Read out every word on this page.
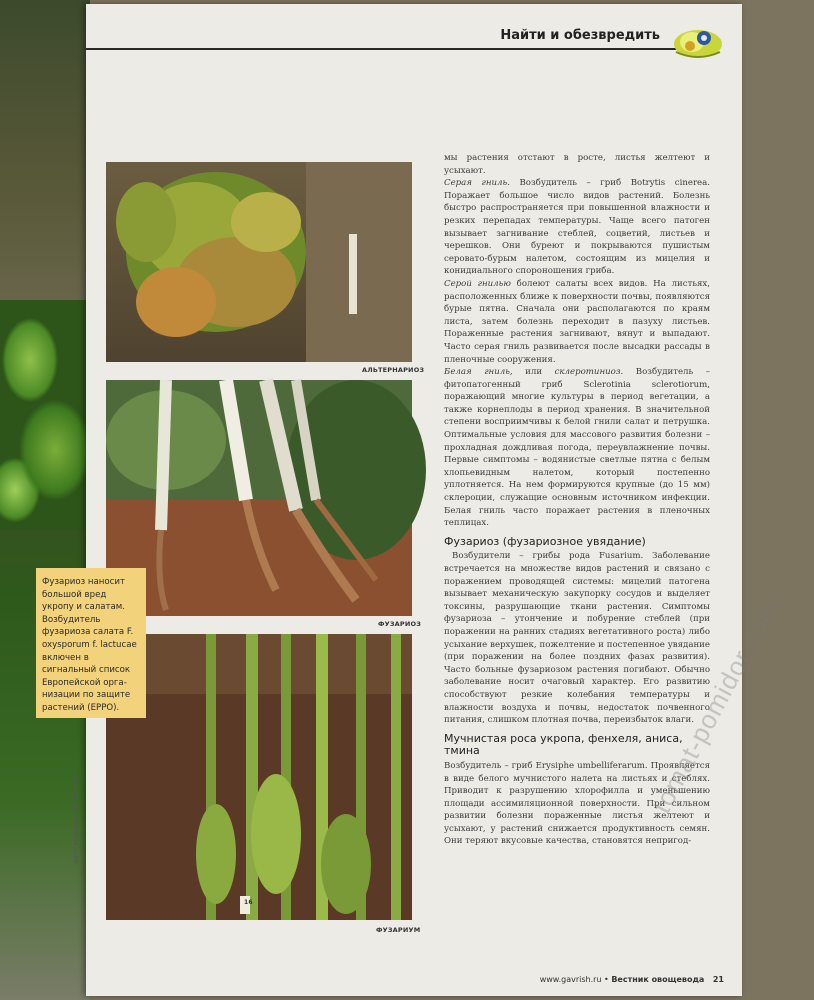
Найти и обезвредить
АЛЬТЕРНАРИОЗ
ФУЗАРИОЗ
16
ФУЗАРИУМ
ФОТО: ВЛАДИМИР ВАДЕРДЕНКОВ
Фузариоз наносит большой вред укропу и салатам. Возбудитель фузариоза салата F. oxysporum f. lactucae включен в сигнальный список Европейской организации по защите растений (EPPO).

мы растения отстают в росте, листья желтеют и усыхают.

Серая гниль. Возбудитель – гриб Botrytis cinerea. Поражает большое число видов растений. Болезнь быстро распространяется при повышенной влажности и резких перепадах температуры. Чаще всего патоген вызывает загнивание стеблей, соцветий, листьев и черешков. Они буреют и покрываются пушистым серовато-бурым налетом, состоящим из мицелия и конидиального спороношения гриба.

Серой гнилью болеют салаты всех видов. На листьях, расположенных ближе к поверхности почвы, появляются бурые пятна. Сначала они располагаются по краям листа, затем болезнь переходит в пазуху листьев. Пораженные растения загнивают, вянут и выпадают. Часто серая гниль развивается после высадки рассады в пленочные сооружения.

Белая гниль, или склеротиниоз. Возбудитель – фитопатогенный гриб Sclerotinia sclerotiorum, поражающий многие культуры в период вегетации, а также корнеплоды в период хранения. В значительной степени восприимчивы к белой гнили салат и петрушка. Оптимальные условия для массового развития болезни – прохладная дождливая погода, переувлажнение почвы. Первые симптомы – водянистые светлые пятна с белым хлопьевидным налетом, который постепенно уплотняется. На нем формируются крупные (до 15 мм) склероции, служащие основным источником инфекции. Белая гниль часто поражает растения в пленочных теплицах.

Фузариоз (фузариозное увядание)

Возбудители – грибы рода Fusarium. Заболевание встречается на множестве видов растений и связано с поражением проводящей системы: мицелий патогена вызывает механическую закупорку сосудов и выделяет токсины, разрушающие ткани растения. Симптомы фузариоза – утончение и побурение стеблей (при поражении на ранних стадиях вегетативного роста) либо усыхание верхушек, пожелтение и постепенное увядание (при поражении на более поздних фазах развития). Часто больные фузариозом растения погибают. Обычно заболевание носит очаговый характер. Его развитию способствуют резкие колебания температуры и влажности воздуха и почвы, недостаток почвенного питания, слишком плотная почва, переизбыток влаги.

Мучнистая роса укропа, фенхеля, аниса, тмина

Возбудитель – гриб Erysiphe umbelliferarum. Проявляется в виде белого мучнистого налета на листьях и стеблях. Приводит к разрушению хлорофилла и уменьшению площади ассимиляционной поверхности. При сильном развитии болезни пораженные листья желтеют и усыхают, у растений снижается продуктивность семян. Они теряют вкусовые качества, становятся непригод-

www.gavrish.ru • Вестник овощевода 21
tomat-pomidor.com
